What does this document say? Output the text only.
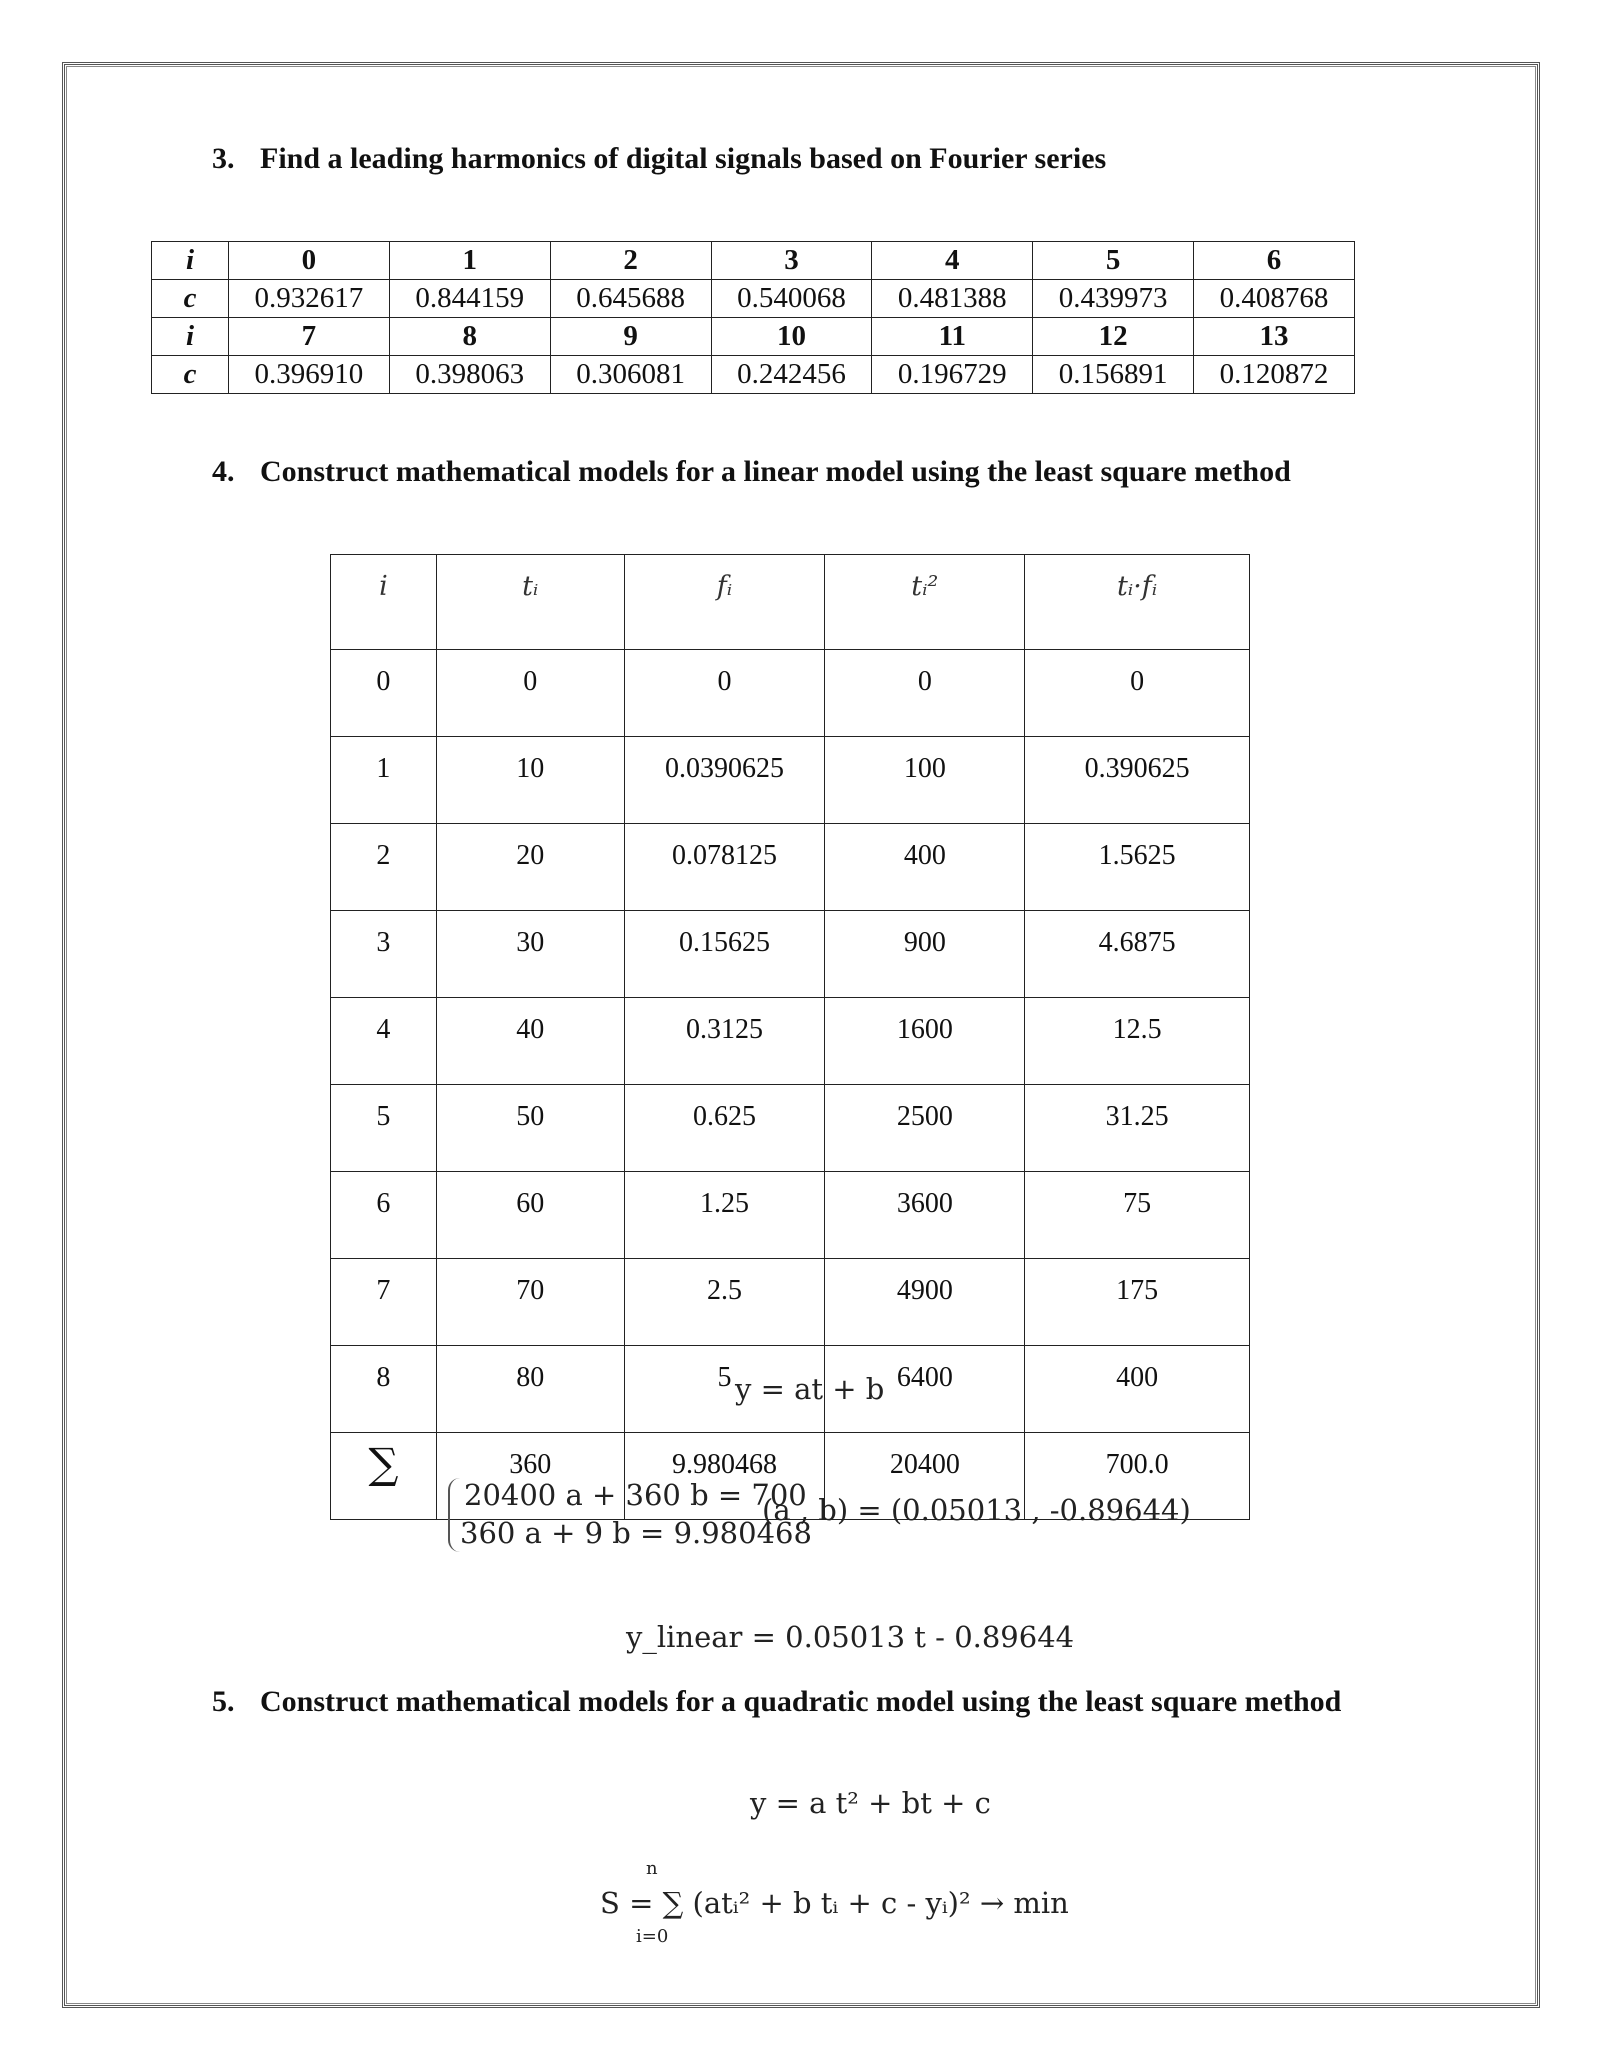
3. Find a leading harmonics of digital signals based on Fourier series
i	0	1	2	3	4	5	6
c	0.932617	0.844159	0.645688	0.540068	0.481388	0.439973	0.408768
i	7	8	9	10	11	12	13
c	0.396910	0.398063	0.306081	0.242456	0.196729	0.156891	0.120872
4. Construct mathematical models for a linear model using the least square method
i	tᵢ	fᵢ	tᵢ²	tᵢ·fᵢ
0	0	0	0	0
1	10	0.0390625	100	0.390625
2	20	0.078125	400	1.5625
3	30	0.15625	900	4.6875
4	40	0.3125	1600	12.5
5	50	0.625	2500	31.25
6	60	1.25	3600	75
7	70	2.5	4900	175
8	80	5	6400	400
∑	360	9.980468	20400	700.0
y = at + b
20400 a + 360 b = 700
360 a + 9 b = 9.980468
(a , b) = (0.05013 , -0.89644)
y_linear = 0.05013 t - 0.89644
5. Construct mathematical models for a quadratic model using the least square method
y = a t² + bt + c
n
S = ∑ (atᵢ² + b tᵢ + c - yᵢ)² → min
i=0
